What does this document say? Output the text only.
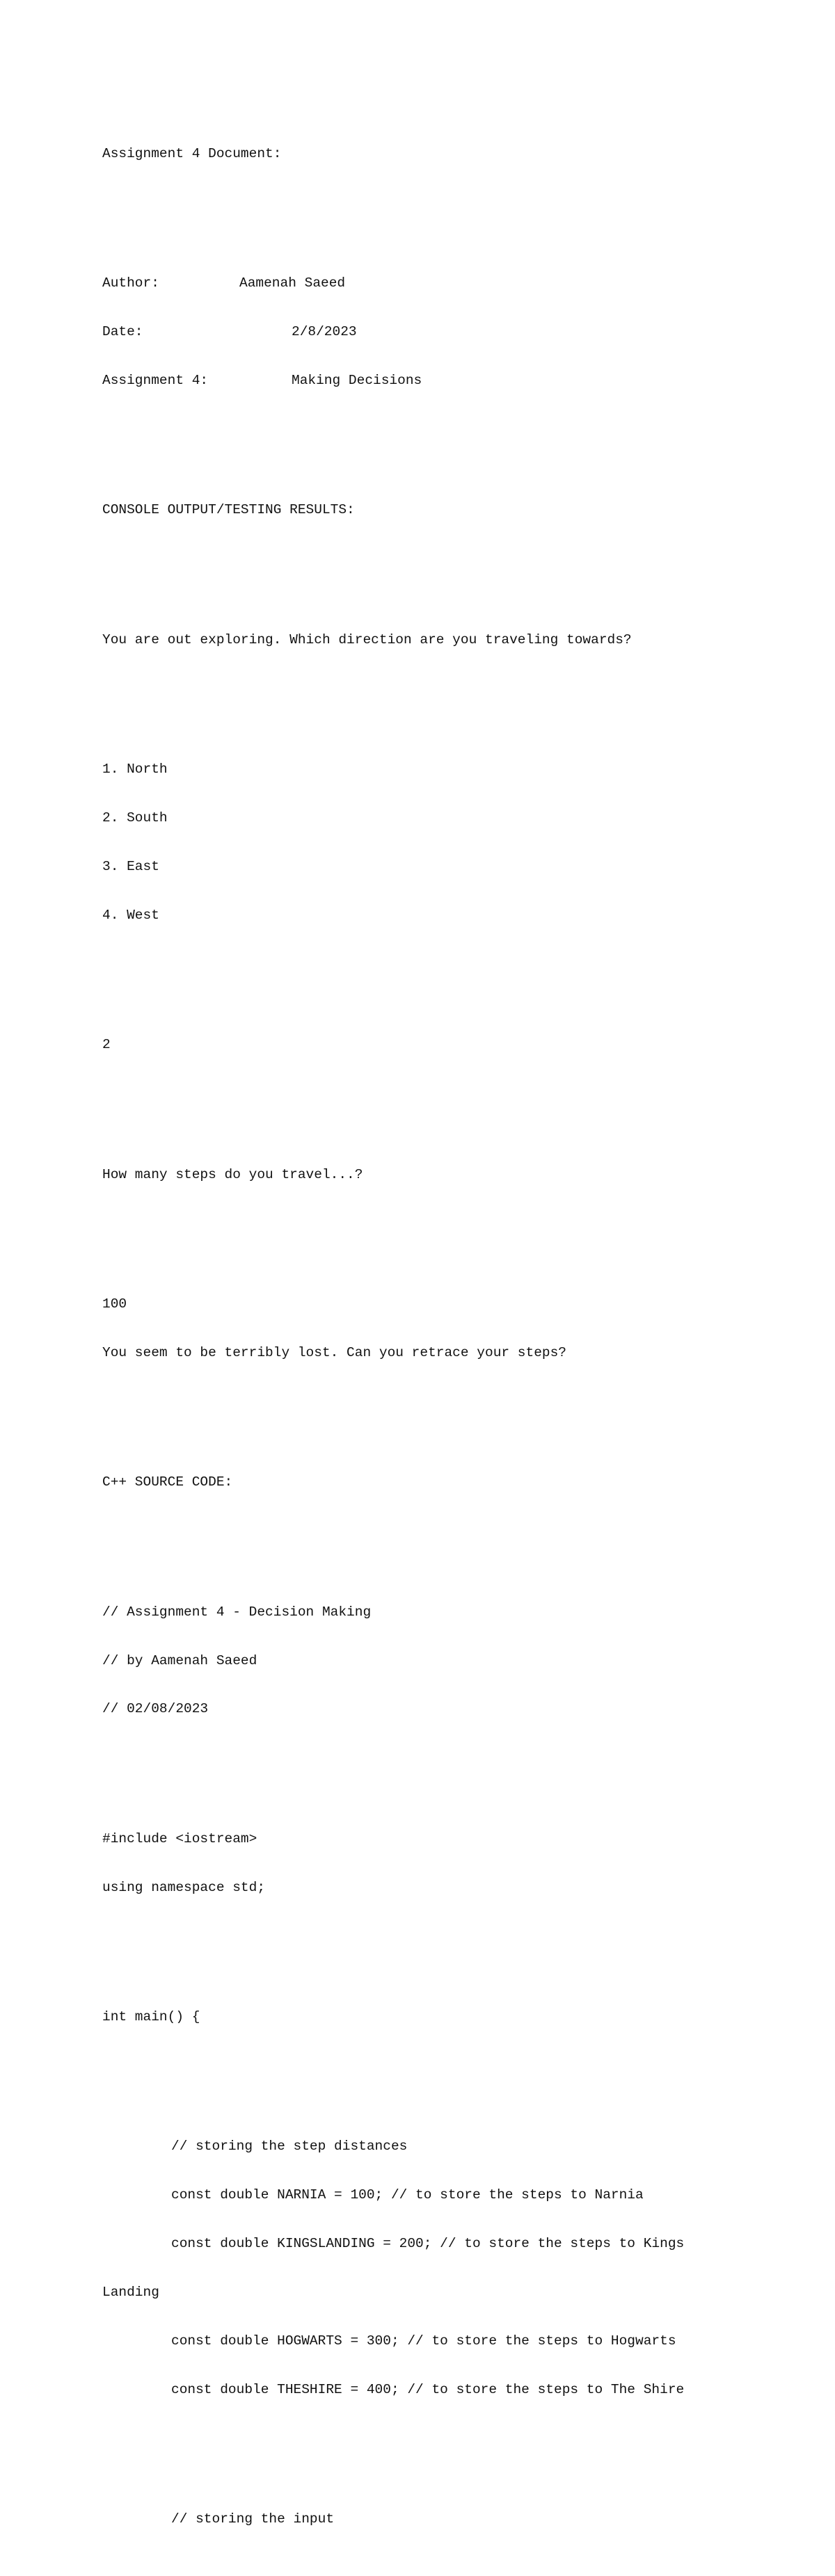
Assignment 4 Document:

Author:	Aamenah Saeed

Date:	2/8/2023

Assignment 4:	Making Decisions

CONSOLE OUTPUT/TESTING RESULTS:

You are out exploring. Which direction are you traveling towards?

1. North

2. South

3. East

4. West

2

How many steps do you travel...?

100

You seem to be terribly lost. Can you retrace your steps?

C++ SOURCE CODE:

// Assignment 4 - Decision Making

// by Aamenah Saeed

// 02/08/2023

#include <iostream>

using namespace std;

int main() {

// storing the step distances

const double NARNIA = 100; // to store the steps to Narnia

const double KINGSLANDING = 200; // to store the steps to Kings

Landing

const double HOGWARTS = 300; // to store the steps to Hogwarts

const double THESHIRE = 400; // to store the steps to The Shire

// storing the input
